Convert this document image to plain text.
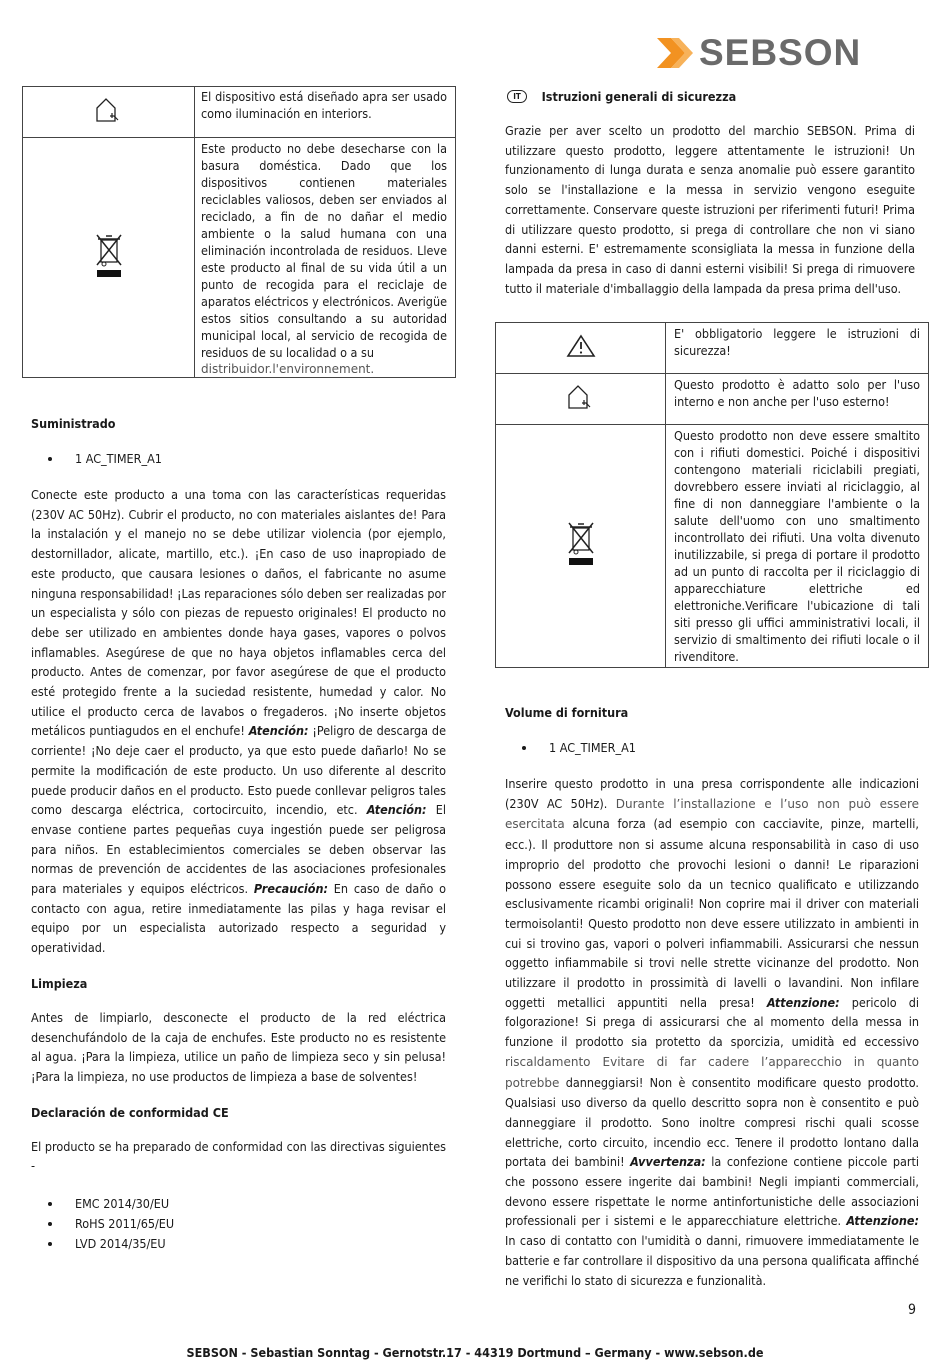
SEBSON

El dispositivo está diseñado apra ser usado como iluminación en interiors.

Este producto no debe desecharse con la basura doméstica. Dado que los dispositivos contienen materiales reciclables valiosos, deben ser enviados al reciclado, a fin de no dañar el medio ambiente o la salud humana con una eliminación incontrolada de residuos. Lleve este producto al final de su vida útil a un punto de recogida para el reciclaje de aparatos eléctricos y electrónicos. Averigüe estos sitios consultando a su autoridad municipal local, al servicio de recogida de residuos de su localidad o a su
distribuidor.l'environnement.
Suministrado
• 1 AC_TIMER_A1
Conecte este producto a una toma con las características requeridas (230V AC 50Hz). Cubrir el producto, no con materiales aislantes de! Para la instalación y el manejo no se debe utilizar violencia (por ejemplo, destornillador, alicate, martillo, etc.). ¡En caso de uso inapropiado de este producto, que causara lesiones o daños, el fabricante no asume ninguna responsabilidad! ¡Las reparaciones sólo deben ser realizadas por un especialista y sólo con piezas de repuesto originales! El producto no debe ser utilizado en ambientes donde haya gases, vapores o polvos inflamables. Asegúrese de que no haya objetos inflamables cerca del producto. Antes de comenzar, por favor asegúrese de que el producto esté protegido frente a la suciedad resistente, humedad y calor. No utilice el producto cerca de lavabos o fregaderos. ¡No inserte objetos metálicos puntiagudos en el enchufe! Atención: ¡Peligro de descarga de corriente! ¡No deje caer el producto, ya que esto puede dañarlo! No se permite la modificación de este producto. Un uso diferente al descrito puede producir daños en el producto. Esto puede conllevar peligros tales como descarga eléctrica, cortocircuito, incendio, etc. Atención: El envase contiene partes pequeñas cuya ingestión puede ser peligrosa para niños. En establecimientos comerciales se deben observar las normas de prevención de accidentes de las asociaciones profesionales para materiales y equipos eléctricos. Precaución: En caso de daño o contacto con agua, retire inmediatamente las pilas y haga revisar el equipo por un especialista autorizado respecto a seguridad y operatividad.
Limpieza
Antes de limpiarlo, desconecte el producto de la red eléctrica desenchufándolo de la caja de enchufes. Este producto no es resistente al agua. ¡Para la limpieza, utilice un paño de limpieza seco y sin pelusa! ¡Para la limpieza, no use productos de limpieza a base de solventes!
Declaración de conformidad CE
El producto se ha preparado de conformidad con las directivas siguientes -
• EMC 2014/30/EU
• RoHS 2011/65/EU
• LVD 2014/35/EU
IT Istruzioni generali di sicurezza
Grazie per aver scelto un prodotto del marchio SEBSON. Prima di utilizzare questo prodotto, leggere attentamente le istruzioni! Un funzionamento di lunga durata e senza anomalie può essere garantito solo se l'installazione e la messa in servizio vengono eseguite correttamente. Conservare queste istruzioni per riferimenti futuri! Prima di utilizzare questo prodotto, si prega di controllare che non vi siano danni esterni. E' estremamente sconsigliata la messa in funzione della lampada da presa in caso di danni esterni visibili! Si prega di rimuovere tutto il materiale d'imballaggio della lampada da presa prima dell'uso.

E' obbligatorio leggere le istruzioni di sicurezza!

Questo prodotto è adatto solo per l'uso interno e non anche per l'uso esterno!

Questo prodotto non deve essere smaltito con i rifiuti domestici. Poiché i dispositivi contengono materiali riciclabili pregiati, dovrebbero essere inviati al riciclaggio, al fine di non danneggiare l'ambiente o la salute dell'uomo con uno smaltimento incontrollato dei rifiuti. Una volta divenuto inutilizzabile, si prega di portare il prodotto ad un punto di raccolta per il riciclaggio di apparecchiature elettriche ed elettroniche.Verificare l'ubicazione di tali siti presso gli uffici amministrativi locali, il servizio di smaltimento dei rifiuti locale o il rivenditore.
Volume di fornitura
• 1 AC_TIMER_A1
Inserire questo prodotto in una presa corrispondente alle indicazioni (230V AC 50Hz). Durante l’installazione e l’uso non può essere esercitata alcuna forza (ad esempio con cacciavite, pinze, martelli, ecc.). Il produttore non si assume alcuna responsabilità in caso di uso improprio del prodotto che provochi lesioni o danni! Le riparazioni possono essere eseguite solo da un tecnico qualificato e utilizzando esclusivamente ricambi originali! Non coprire mai il driver con materiali termoisolanti! Questo prodotto non deve essere utilizzato in ambienti in cui si trovino gas, vapori o polveri infiammabili. Assicurarsi che nessun oggetto infiammabile si trovi nelle strette vicinanze del prodotto. Non utilizzare il prodotto in prossimità di lavelli o lavandini. Non infilare oggetti metallici appuntiti nella presa! Attenzione: pericolo di folgorazione! Si prega di assicurarsi che al momento della messa in funzione il prodotto sia protetto da sporcizia, umidità ed eccessivo riscaldamento Evitare di far cadere l’apparecchio in quanto potrebbe danneggiarsi! Non è consentito modificare questo prodotto. Qualsiasi uso diverso da quello descritto sopra non è consentito e può danneggiare il prodotto. Sono inoltre compresi rischi quali scosse elettriche, corto circuito, incendio ecc. Tenere il prodotto lontano dalla portata dei bambini! Avvertenza: la confezione contiene piccole parti che possono essere ingerite dai bambini! Negli impianti commerciali, devono essere rispettate le norme antinfortunistiche delle associazioni professionali per i sistemi e le apparecchiature elettriche. Attenzione: In caso di contatto con l'umidità o danni, rimuovere immediatamente le batterie e far controllare il dispositivo da una persona qualificata affinché ne verifichi lo stato di sicurezza e funzionalità.
9
SEBSON - Sebastian Sonntag - Gernotstr.17 - 44319 Dortmund – Germany - www.sebson.de
